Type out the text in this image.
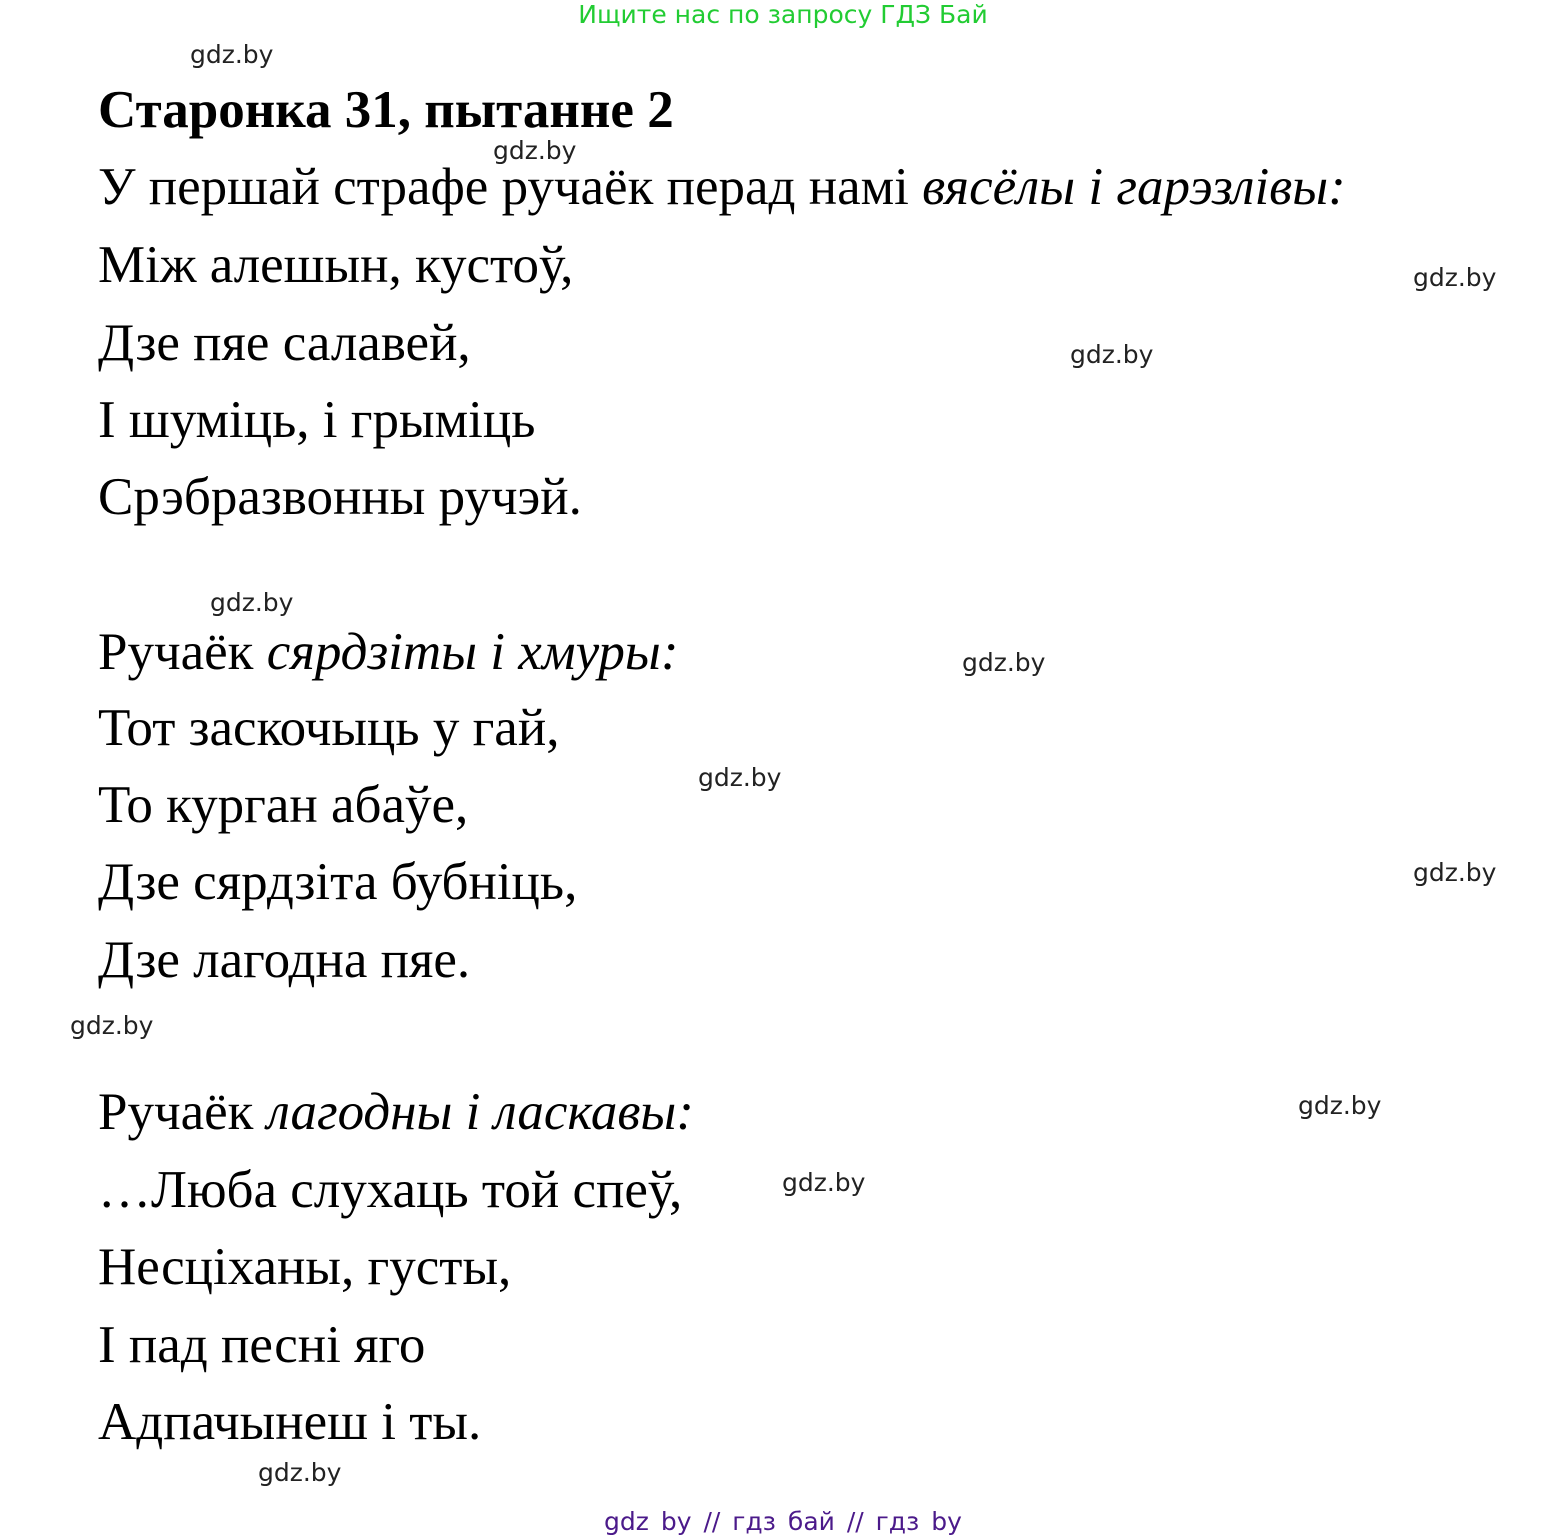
Ищите нас по запросу ГДЗ Бай
Старонка 31, пытанне 2
У першай страфе ручаёк перад намі вясёлы і гарэзлівы:
Між алешын, кустоў,
Дзе пяе салавей,
І шуміць, і грыміць
Срэбразвонны ручэй.
Ручаёк сярдзіты і хмуры:
Тот заскочыць у гай,
То курган абаўе,
Дзе сярдзіта бубніць,
Дзе лагодна пяе.
Ручаёк лагодны і ласкавы:
…Люба слухаць той спеў,
Несціханы, густы,
І пад песні яго
Адпачынеш і ты.
gdz.by
gdz.by
gdz.by
gdz.by
gdz.by
gdz.by
gdz.by
gdz.by
gdz.by
gdz.by
gdz.by
gdz.by
gdz by // гдз бай // гдз by
